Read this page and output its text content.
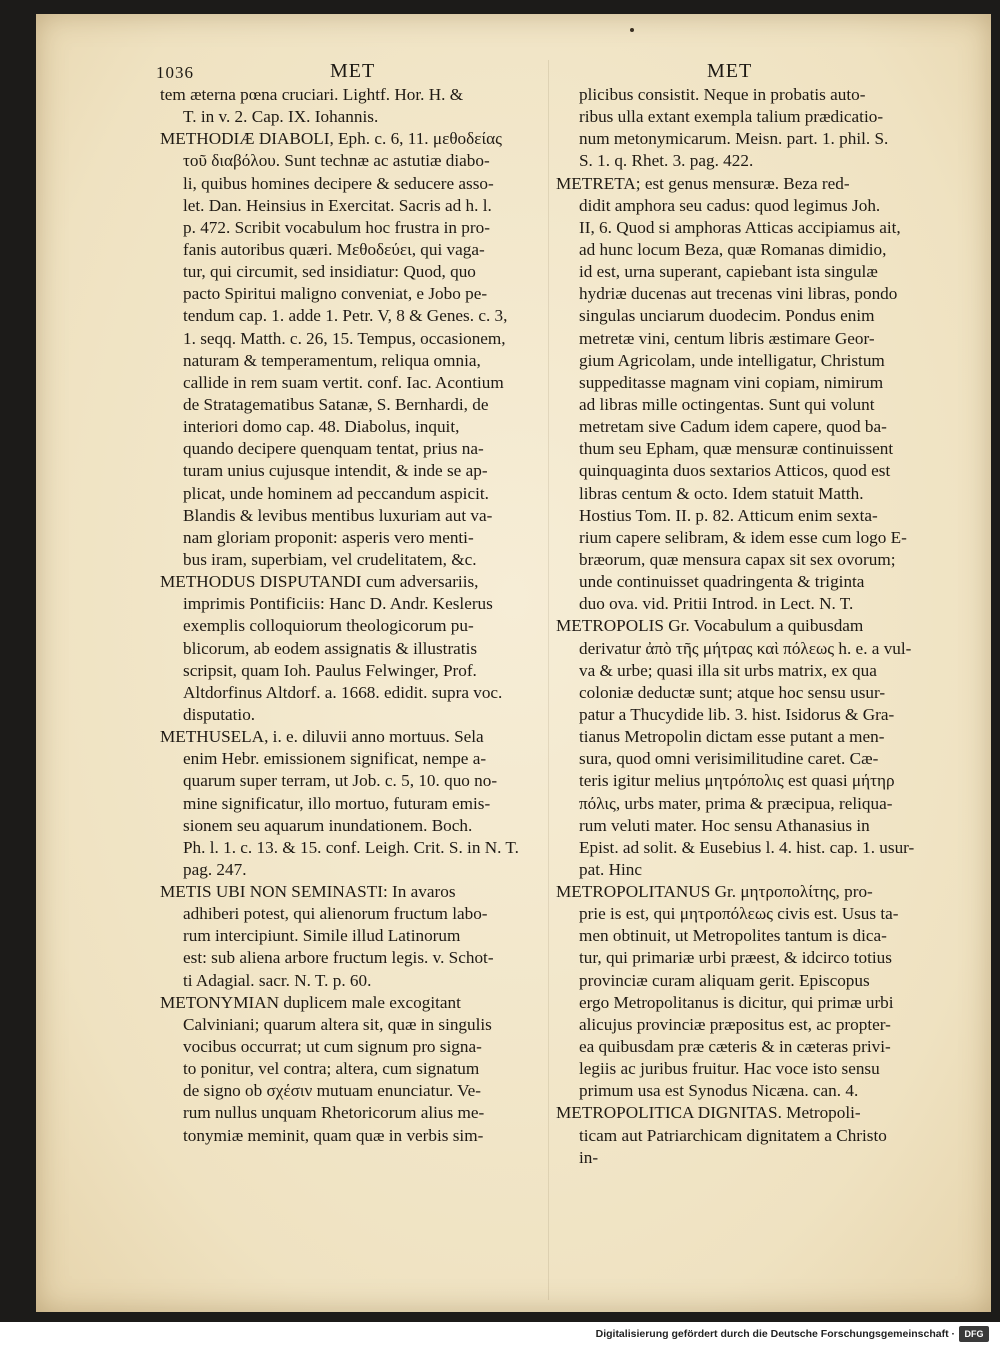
1036	MET	MET
tem æterna pœna cruciari. Lightf. Hor. H. &
T. in v. 2. Cap. IX. Iohannis.
METHODIÆ DIABOLI, Eph. c. 6, 11. μεθοδείας
τοῦ διαβόλου. Sunt technæ ac astutiæ diabo-
li, quibus homines decipere & seducere asso-
let. Dan. Heinsius in Exercitat. Sacris ad h. l.
p. 472. Scribit vocabulum hoc frustra in pro-
fanis autoribus quæri. Μεθοδεύει, qui vaga-
tur, qui circumit, sed insidiatur: Quod, quo
pacto Spiritui maligno conveniat, e Jobo pe-
tendum cap. 1. adde 1. Petr. V, 8 & Genes. c. 3,
1. seqq. Matth. c. 26, 15. Tempus, occasionem,
naturam & temperamentum, reliqua omnia,
callide in rem suam vertit. conf. Iac. Acontium
de Stratagematibus Satanæ, S. Bernhardi, de
interiori domo cap. 48. Diabolus, inquit,
quando decipere quenquam tentat, prius na-
turam unius cujusque intendit, & inde se ap-
plicat, unde hominem ad peccandum aspicit.
Blandis & levibus mentibus luxuriam aut va-
nam gloriam proponit: asperis vero menti-
bus iram, superbiam, vel crudelitatem, &c.
METHODUS DISPUTANDI cum adversariis,
imprimis Pontificiis: Hanc D. Andr. Keslerus
exemplis colloquiorum theologicorum pu-
blicorum, ab eodem assignatis & illustratis
scripsit, quam Ioh. Paulus Felwinger, Prof.
Altdorfinus Altdorf. a. 1668. edidit. supra voc.
disputatio.
METHUSELA, i. e. diluvii anno mortuus. Sela
enim Hebr. emissionem significat, nempe a-
quarum super terram, ut Job. c. 5, 10. quo no-
mine significatur, illo mortuo, futuram emis-
sionem seu aquarum inundationem. Boch.
Ph. l. 1. c. 13. & 15. conf. Leigh. Crit. S. in N. T.
pag. 247.
METIS UBI NON SEMINASTI: In avaros
adhiberi potest, qui alienorum fructum labo-
rum intercipiunt. Simile illud Latinorum
est: sub aliena arbore fructum legis. v. Schot-
ti Adagial. sacr. N. T. p. 60.
METONYMIAN duplicem male excogitant
Calviniani; quarum altera sit, quæ in singulis
vocibus occurrat; ut cum signum pro signa-
to ponitur, vel contra; altera, cum signatum
de signo ob σχέσιν mutuam enunciatur. Ve-
rum nullus unquam Rhetoricorum alius me-
tonymiæ meminit, quam quæ in verbis sim-
plicibus consistit. Neque in probatis auto-
ribus ulla extant exempla talium prædicatio-
num metonymicarum. Meisn. part. 1. phil. S.
S. 1. q. Rhet. 3. pag. 422.
METRETA; est genus mensuræ. Beza red-
didit amphora seu cadus: quod legimus Joh.
II, 6. Quod si amphoras Atticas accipiamus ait,
ad hunc locum Beza, quæ Romanas dimidio,
id est, urna superant, capiebant ista singulæ
hydriæ ducenas aut trecenas vini libras, pondo
singulas unciarum duodecim. Pondus enim
metretæ vini, centum libris æstimare Geor-
gium Agricolam, unde intelligatur, Christum
suppeditasse magnam vini copiam, nimirum
ad libras mille octingentas. Sunt qui volunt
metretam sive Cadum idem capere, quod ba-
thum seu Epham, quæ mensuræ continuissent
quinquaginta duos sextarios Atticos, quod est
libras centum & octo. Idem statuit Matth.
Hostius Tom. II. p. 82. Atticum enim sexta-
rium capere selibram, & idem esse cum logo E-
bræorum, quæ mensura capax sit sex ovorum;
unde continuisset quadringenta & triginta
duo ova. vid. Pritii Introd. in Lect. N. T.
METROPOLIS Gr. Vocabulum a quibusdam
derivatur ἀπὸ τῆς μήτρας καὶ πόλεως h. e. a vul-
va & urbe; quasi illa sit urbs matrix, ex qua
coloniæ deductæ sunt; atque hoc sensu usur-
patur a Thucydide lib. 3. hist. Isidorus & Gra-
tianus Metropolin dictam esse putant a men-
sura, quod omni verisimilitudine caret. Cæ-
teris igitur melius μητρόπολις est quasi μήτηρ
πόλις, urbs mater, prima & præcipua, reliqua-
rum veluti mater. Hoc sensu Athanasius in
Epist. ad solit. & Eusebius l. 4. hist. cap. 1. usur-
pat. Hinc
METROPOLITANUS Gr. μητροπολίτης, pro-
prie is est, qui μητροπόλεως civis est. Usus ta-
men obtinuit, ut Metropolites tantum is dica-
tur, qui primariæ urbi præest, & idcirco totius
provinciæ curam aliquam gerit. Episcopus
ergo Metropolitanus is dicitur, qui primæ urbi
alicujus provinciæ præpositus est, ac propter-
ea quibusdam præ cæteris & in cæteras privi-
legiis ac juribus fruitur. Hac voce isto sensu
primum usa est Synodus Nicæna. can. 4.
METROPOLITICA DIGNITAS. Metropoli-
ticam aut Patriarchicam dignitatem a Christo
in-
Digitalisierung gefördert durch die Deutsche Forschungsgemeinschaft ·	DFG
